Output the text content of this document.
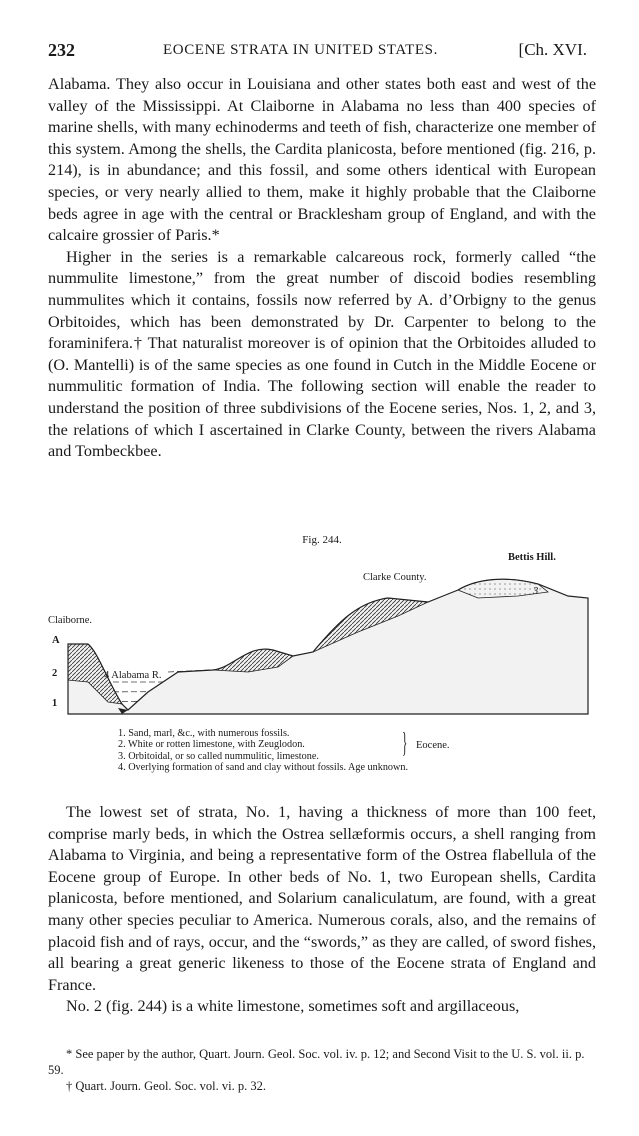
232	EOCENE STRATA IN UNITED STATES.	[Ch. XVI.

Alabama. They also occur in Louisiana and other states both east and west of the valley of the Mississippi. At Claiborne in Alabama no less than 400 species of marine shells, with many echinoderms and teeth of fish, characterize one member of this system. Among the shells, the Cardita planicosta, before mentioned (fig. 216, p. 214), is in abundance; and this fossil, and some others identical with European species, or very nearly allied to them, make it highly probable that the Claiborne beds agree in age with the central or Bracklesham group of England, and with the calcaire grossier of Paris.*

Higher in the series is a remarkable calcareous rock, formerly called “the nummulite limestone,” from the great number of discoid bodies resembling nummulites which it contains, fossils now referred by A. d’Orbigny to the genus Orbitoides, which has been demonstrated by Dr. Carpenter to belong to the foraminifera.† That naturalist moreover is of opinion that the Orbitoides alluded to (O. Mantelli) is of the same species as one found in Cutch in the Middle Eocene or nummulitic formation of India. The following section will enable the reader to understand the position of three subdivisions of the Eocene series, Nos. 1, 2, and 3, the relations of which I ascertained in Clarke County, between the rivers Alabama and Tombeckbee.

Fig. 244.
Bettis Hill.
Clarke County.
Claiborne.
A
2
1
4 Alabama R.
3
1. Sand, marl, &c., with numerous fossils.
2. White or rotten limestone, with Zeuglodon.
3. Orbitoidal, or so called nummulitic, limestone.
4. Overlying formation of sand and clay without fossils. Age unknown.
} Eocene.

The lowest set of strata, No. 1, having a thickness of more than 100 feet, comprise marly beds, in which the Ostrea sellæformis occurs, a shell ranging from Alabama to Virginia, and being a representative form of the Ostrea flabellula of the Eocene group of Europe. In other beds of No. 1, two European shells, Cardita planicosta, before mentioned, and Solarium canaliculatum, are found, with a great many other species peculiar to America. Numerous corals, also, and the remains of placoid fish and of rays, occur, and the “swords,” as they are called, of sword fishes, all bearing a great generic likeness to those of the Eocene strata of England and France.

No. 2 (fig. 244) is a white limestone, sometimes soft and argillaceous,

* See paper by the author, Quart. Journ. Geol. Soc. vol. iv. p. 12; and Second Visit to the U. S. vol. ii. p. 59.

† Quart. Journ. Geol. Soc. vol. vi. p. 32.
